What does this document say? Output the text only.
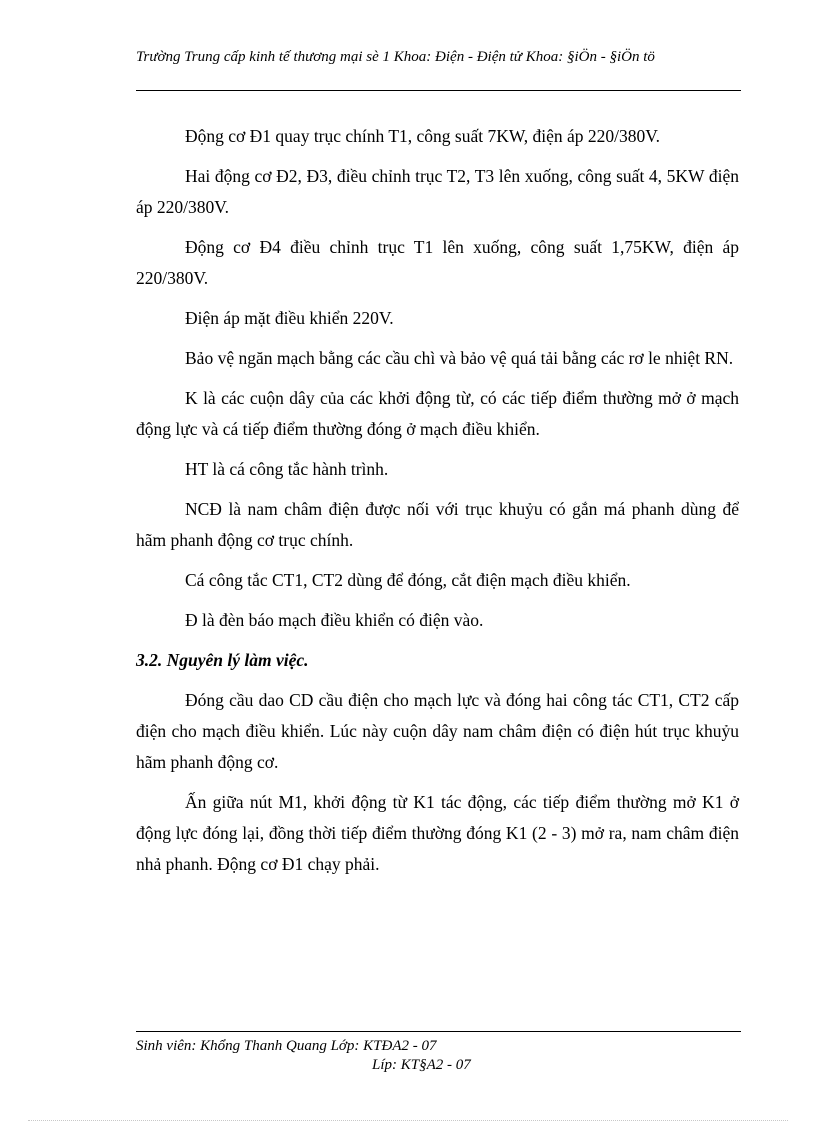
Trường Trung cấp kinh tế thương mại sè 1 Khoa: Điện - Điện tử Khoa: §iÖn - §iÖn tö

Động cơ Đ1 quay trục chính T1, công suất 7KW, điện áp 220/380V.

Hai động cơ Đ2, Đ3, điều chỉnh trục T2, T3 lên xuống, công suất 4, 5KW điện áp 220/380V.

Động cơ Đ4 điều chỉnh trục T1 lên xuống, công suất 1,75KW, điện áp 220/380V.

Điện áp mặt điều khiển 220V.

Bảo vệ ngăn mạch bằng các cầu chì và bảo vệ quá tải bằng các rơ le nhiệt RN.

K là các cuộn dây của các khởi động từ, có các tiếp điểm thường mở ở mạch động lực và cá tiếp điểm thường đóng ở mạch điều khiển.

HT là cá công tắc hành trình.

NCĐ là nam châm điện được nối với trục khuỷu có gắn má phanh dùng để hãm phanh động cơ trục chính.

Cá công tắc CT1, CT2 dùng để đóng, cắt điện mạch điều khiển.

Đ là đèn báo mạch điều khiển có điện vào.

3.2. Nguyên lý làm việc.

Đóng cầu dao CD cầu điện cho mạch lực và đóng hai công tác CT1, CT2 cấp điện cho mạch điều khiển. Lúc này cuộn dây nam châm điện có điện hút trục khuỷu hãm phanh động cơ.

Ấn giữa nút M1, khởi động từ K1 tác động, các tiếp điểm thường mở K1 ở động lực đóng lại, đồng thời tiếp điểm thường đóng K1 (2 - 3) mở ra, nam châm điện nhả phanh. Động cơ Đ1 chạy phải.

Sinh viên: Khổng Thanh Quang Lớp: KTĐA2 - 07
Líp: KT§A2 - 07
